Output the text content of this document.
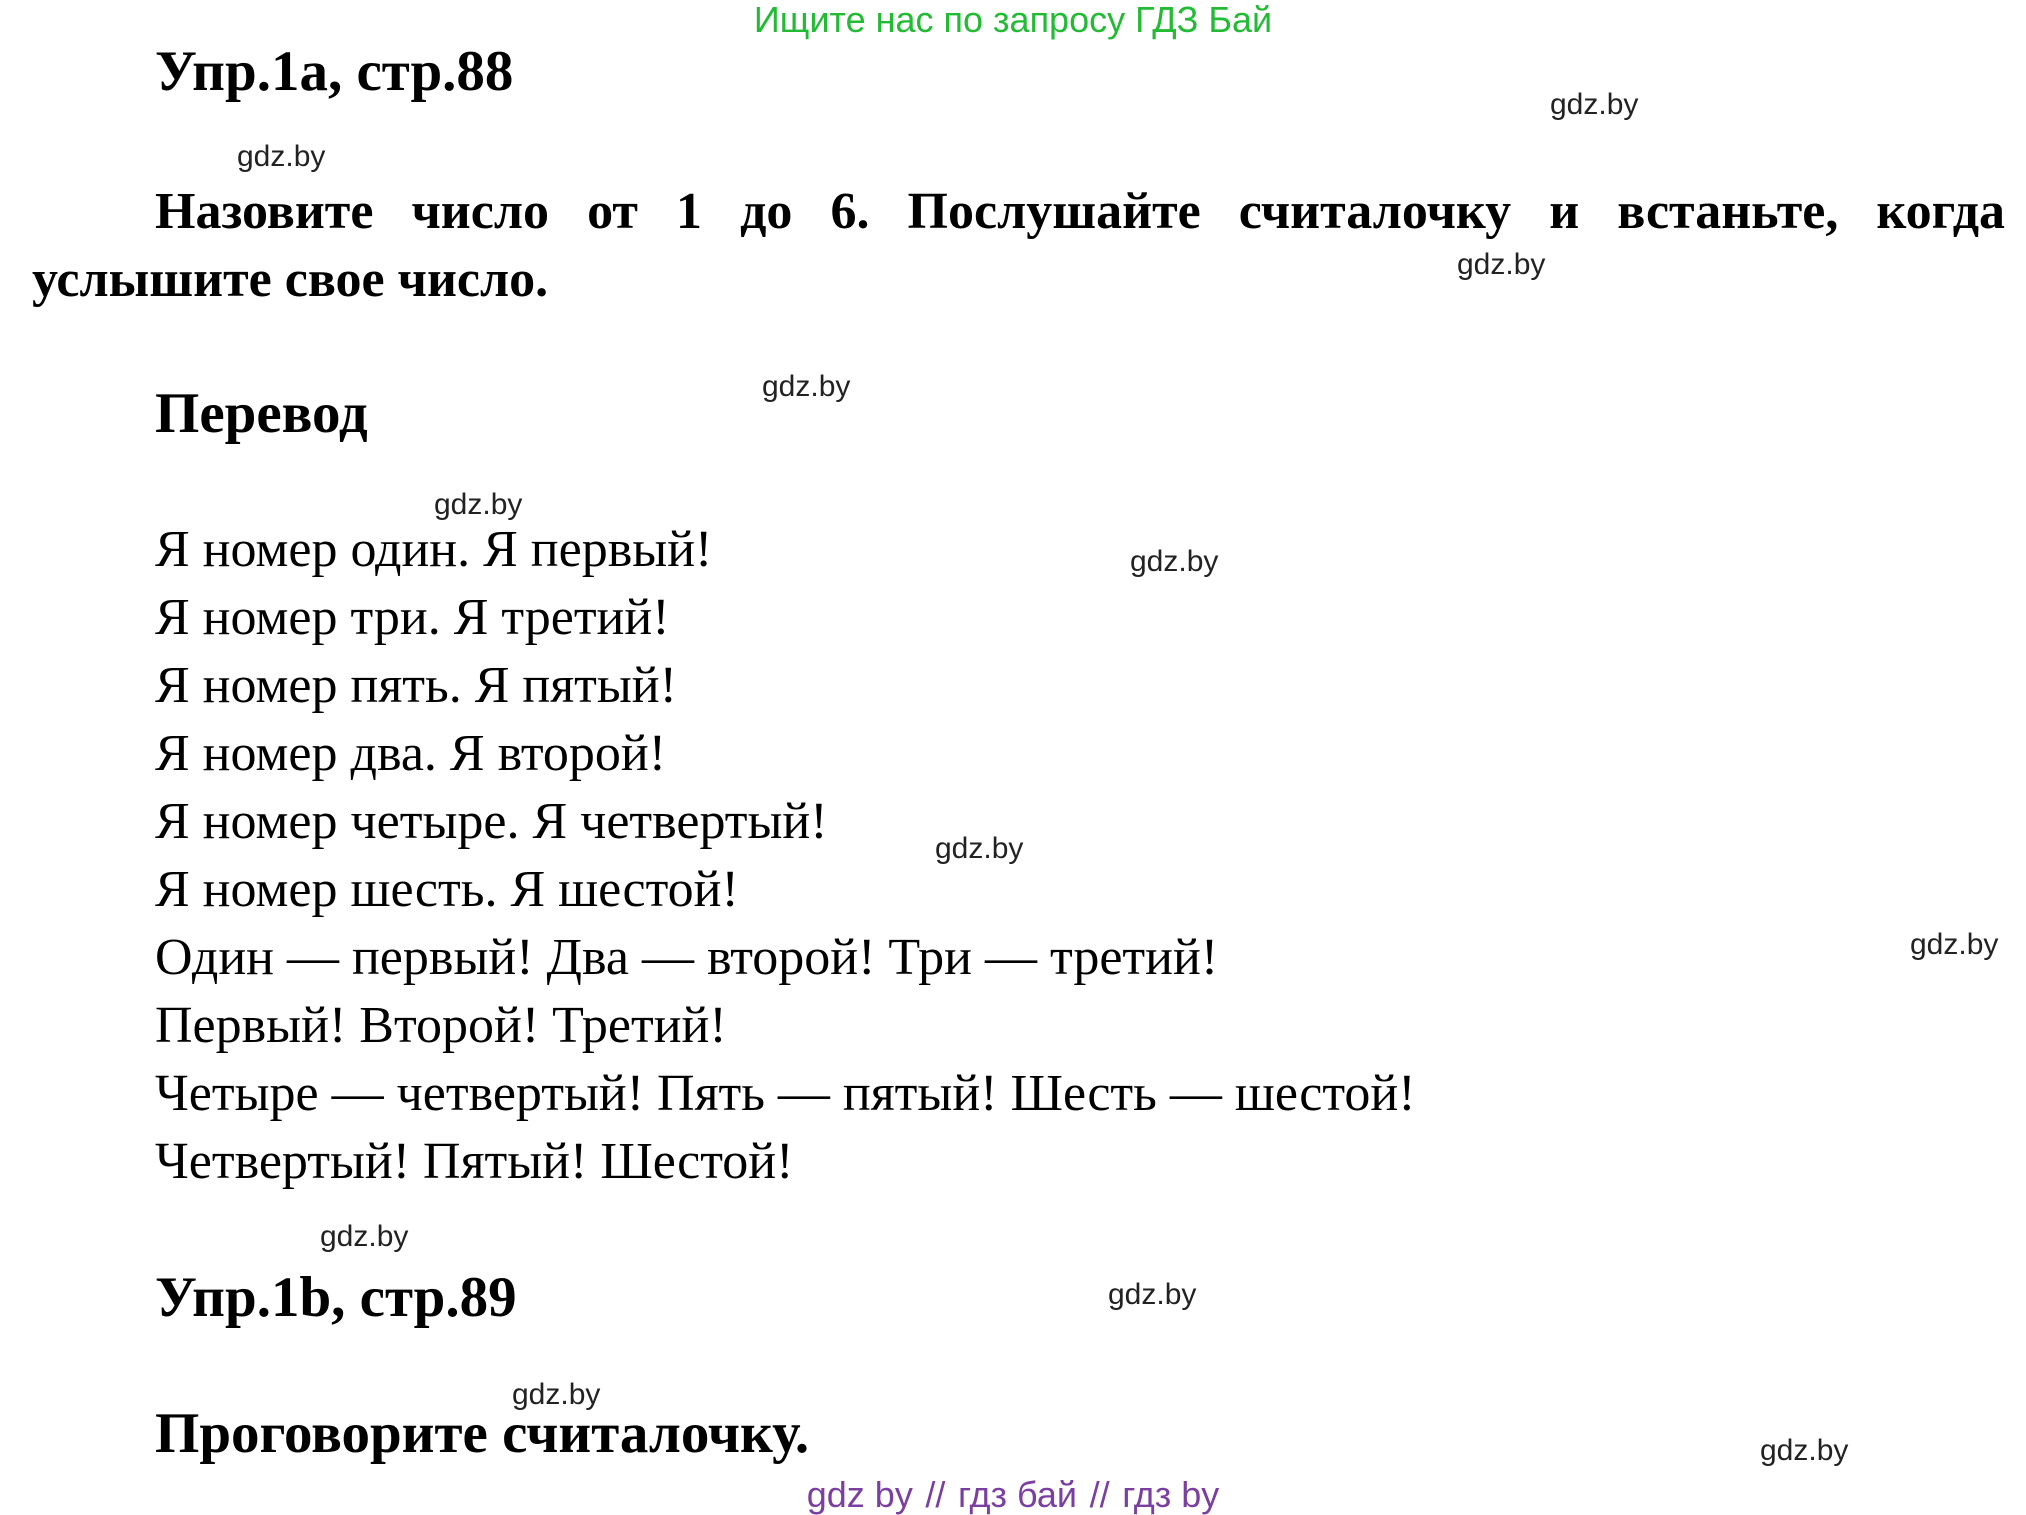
Ищите нас по запросу ГДЗ Бай
Упр.1a, стр.88
Назовите число от 1 до 6. Послушайте считалочку и встаньте, когда
услышите свое число.
Перевод
Я номер один. Я первый!
Я номер три. Я третий!
Я номер пять. Я пятый!
Я номер два. Я второй!
Я номер четыре. Я четвертый!
Я номер шесть. Я шестой!
Один — первый! Два — второй! Три — третий!
Первый! Второй! Третий!
Четыре — четвертый! Пять — пятый! Шесть — шестой!
Четвертый! Пятый! Шестой!
Упр.1b, стр.89
Проговорите считалочку.
gdz.by
gdz.by
gdz.by
gdz.by
gdz.by
gdz.by
gdz.by
gdz.by
gdz.by
gdz.by
gdz.by
gdz.by
gdz by // гдз бай // гдз by
